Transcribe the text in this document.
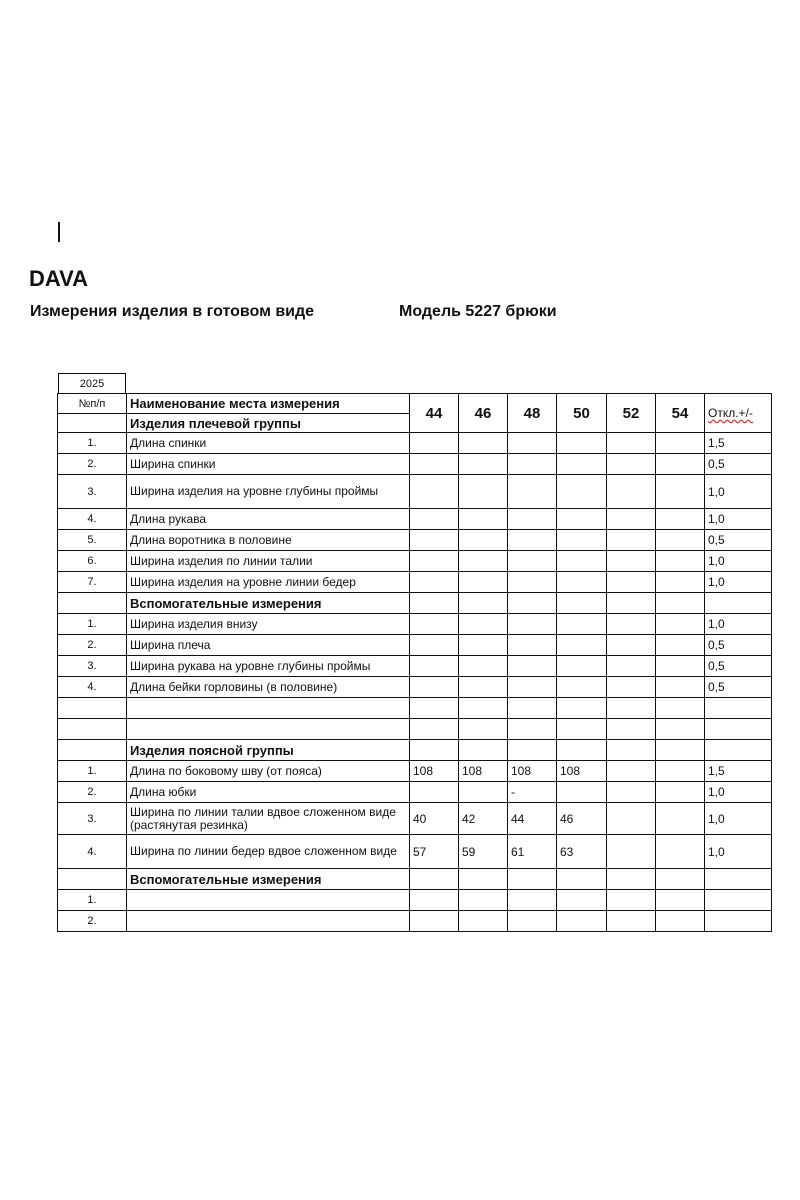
DAVA
Измерения изделия в готовом виде	Модель 5227 брюки
2025
№п/п	Наименование места измерения	44	46	48	50	52	54	Откл.+/-
	Изделия плечевой группы							
1.	Длина спинки							1,5
2.	Ширина спинки							0,5
3.	Ширина изделия на уровне глубины проймы							1,0
4.	Длина рукава							1,0
5.	Длина воротника в половине							0,5
6.	Ширина изделия по линии талии							1,0
7.	Ширина изделия на уровне линии бедер							1,0
	Вспомогательные измерения							
1.	Ширина изделия внизу							1,0
2.	Ширина плеча							0,5
3.	Ширина рукава на уровне глубины проймы							0,5
4.	Длина бейки горловины (в половине)							0,5

	Изделия поясной группы							
1.	Длина по боковому шву (от пояса)	108	108	108	108			1,5
2.	Длина юбки			-				1,0
3.	Ширина по линии талии вдвое сложенном виде (растянутая резинка)	40	42	44	46			1,0
4.	Ширина по линии бедер вдвое сложенном виде	57	59	61	63			1,0
	Вспомогательные измерения							
1.								
2.								
